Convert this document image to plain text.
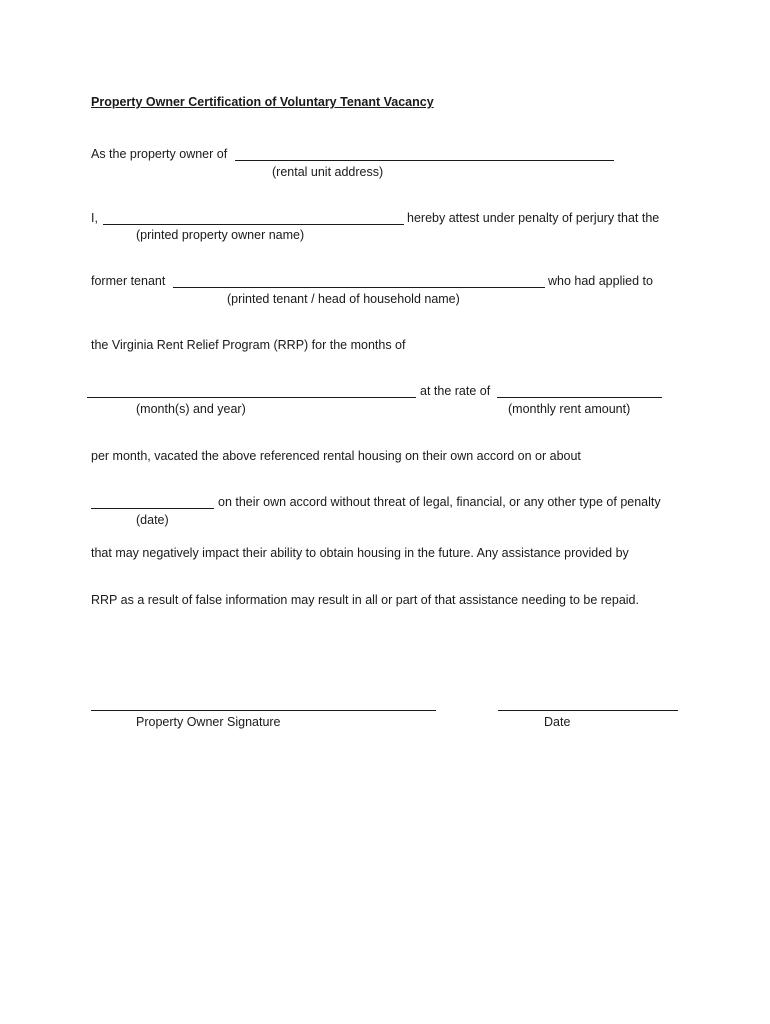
Property Owner Certification of Voluntary Tenant Vacancy
As the property owner of
(rental unit address)
I,	hereby attest under penalty of perjury that the
(printed property owner name)
former tenant	who had applied to
(printed tenant / head of household name)
the Virginia Rent Relief Program (RRP) for the months of
at the rate of
(month(s) and year)	(monthly rent amount)
per month, vacated the above referenced rental housing on their own accord on or about
on their own accord without threat of legal, financial, or any other type of penalty
(date)
that may negatively impact their ability to obtain housing in the future. Any assistance provided by
RRP as a result of false information may result in all or part of that assistance needing to be repaid.
Property Owner Signature	Date
